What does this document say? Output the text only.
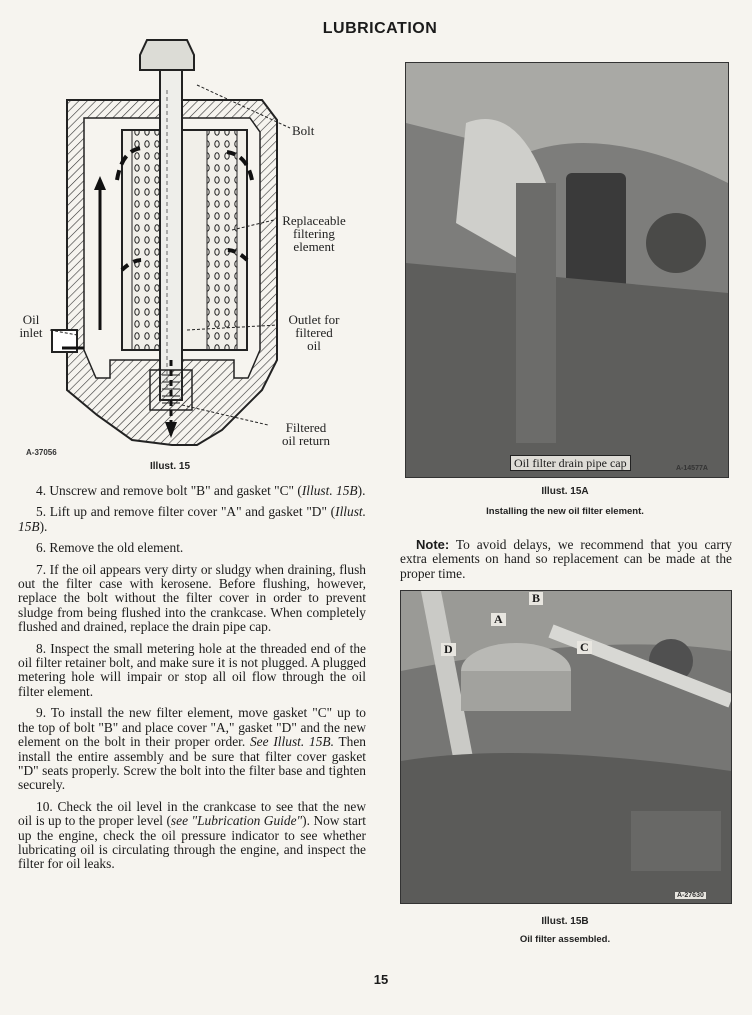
LUBRICATION
Bolt
Replaceable
filtering
element
Oil
inlet
Outlet for
filtered
oil
Filtered
oil return
A-37056
Illust. 15

4. Unscrew and remove bolt "B" and gasket "C" (Illust. 15B).

5. Lift up and remove filter cover "A" and gasket "D" (Illust. 15B).

6. Remove the old element.

7. If the oil appears very dirty or sludgy when draining, flush out the filter case with kerosene. Before flushing, however, replace the bolt without the filter cover in order to prevent sludge from being flushed into the crankcase. When completely flushed and drained, replace the drain pipe cap.

8. Inspect the small metering hole at the threaded end of the oil filter retainer bolt, and make sure it is not plugged. A plugged metering hole will impair or stop all oil flow through the oil filter element.

9. To install the new filter element, move gasket "C" up to the top of bolt "B" and place cover "A," gasket "D" and the new element on the bolt in their proper order. See Illust. 15B. Then install the entire assembly and be sure that filter cover gasket "D" seats properly. Screw the bolt into the filter base and tighten securely.

10. Check the oil level in the crankcase to see that the new oil is up to the proper level (see "Lubrication Guide"). Now start up the engine, check the oil pressure indicator to see whether lubricating oil is circulating through the engine, and inspect the filter for oil leaks.

Oil filter drain pipe cap	A-14577A
Illust. 15A
Installing the new oil filter element.
Note: To avoid delays, we recommend that you carry extra elements on hand so replacement can be made at the proper time.
A
B
C
D
A-27630
Illust. 15B
Oil filter assembled.
15
